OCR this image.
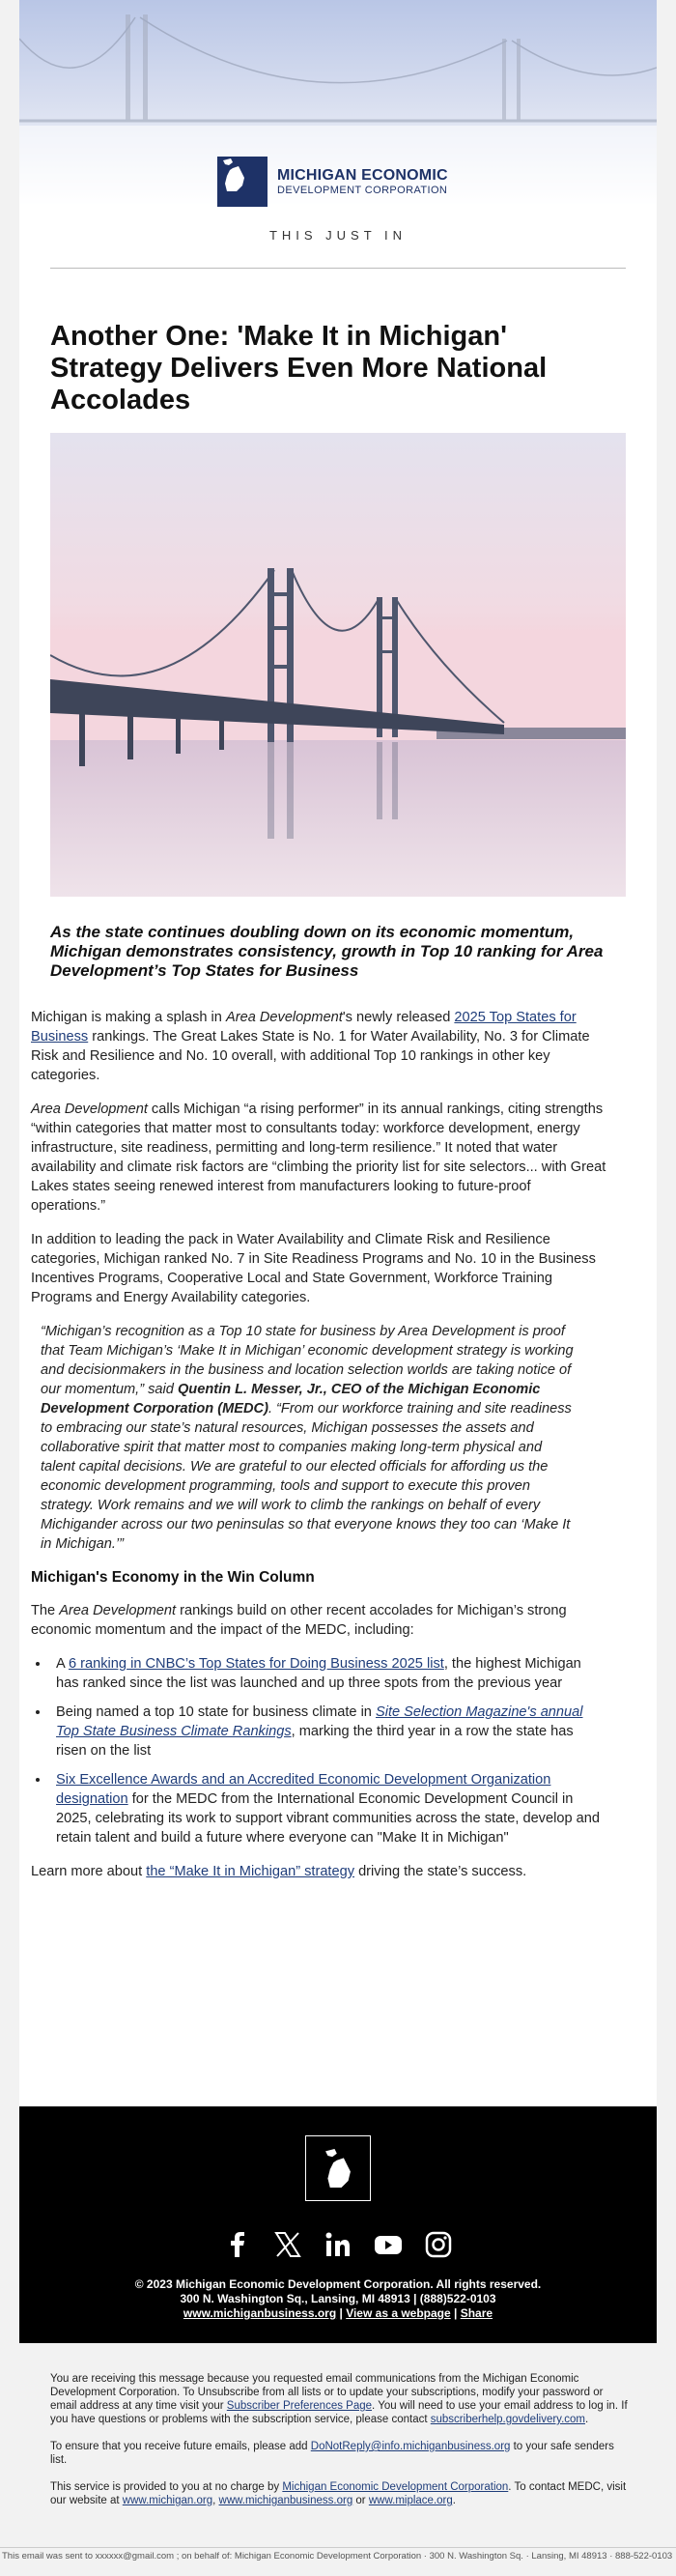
MICHIGAN ECONOMIC
DEVELOPMENT CORPORATION
THIS JUST IN
Another One: 'Make It in Michigan' Strategy Delivers Even More National Accolades
As the state continues doubling down on its economic momentum, Michigan demonstrates consistency, growth in Top 10 ranking for Area Development’s Top States for Business

Michigan is making a splash in Area Development's newly released 2025 Top States for Business rankings. The Great Lakes State is No. 1 for Water Availability, No. 3 for Climate Risk and Resilience and No. 10 overall, with additional Top 10 rankings in other key categories.

Area Development calls Michigan “a rising performer” in its annual rankings, citing strengths “within categories that matter most to consultants today: workforce development, energy infrastructure, site readiness, permitting and long-term resilience.” It noted that water availability and climate risk factors are “climbing the priority list for site selectors... with Great Lakes states seeing renewed interest from manufacturers looking to future-proof operations.”

In addition to leading the pack in Water Availability and Climate Risk and Resilience categories, Michigan ranked No. 7 in Site Readiness Programs and No. 10 in the Business Incentives Programs, Cooperative Local and State Government, Workforce Training Programs and Energy Availability categories.

“Michigan’s recognition as a Top 10 state for business by Area Development is proof that Team Michigan’s ‘Make It in Michigan’ economic development strategy is working and decisionmakers in the business and location selection worlds are taking notice of our momentum,” said Quentin L. Messer, Jr., CEO of the Michigan Economic Development Corporation (MEDC). “From our workforce training and site readiness to embracing our state’s natural resources, Michigan possesses the assets and collaborative spirit that matter most to companies making long-term physical and talent capital decisions. We are grateful to our elected officials for affording us the economic development programming, tools and support to execute this proven strategy. Work remains and we will work to climb the rankings on behalf of every Michigander across our two peninsulas so that everyone knows they too can ‘Make It in Michigan.’”

Michigan's Economy in the Win Column

The Area Development rankings build on other recent accolades for Michigan’s strong economic momentum and the impact of the MEDC, including:

• A 6 ranking in CNBC’s Top States for Doing Business 2025 list, the highest Michigan has ranked since the list was launched and up three spots from the previous year
• Being named a top 10 state for business climate in Site Selection Magazine's annual Top State Business Climate Rankings, marking the third year in a row the state has risen on the list
• Six Excellence Awards and an Accredited Economic Development Organization designation for the MEDC from the International Economic Development Council in 2025, celebrating its work to support vibrant communities across the state, develop and retain talent and build a future where everyone can "Make It in Michigan"

Learn more about the “Make It in Michigan” strategy driving the state’s success.

© 2023 Michigan Economic Development Corporation. All rights reserved.
300 N. Washington Sq., Lansing, MI 48913 | (888)522-0103
www.michiganbusiness.org | View as a webpage | Share

You are receiving this message because you requested email communications from the Michigan Economic Development Corporation. To Unsubscribe from all lists or to update your subscriptions, modify your password or email address at any time visit your Subscriber Preferences Page. You will need to use your email address to log in. If you have questions or problems with the subscription service, please contact subscriberhelp.govdelivery.com.

To ensure that you receive future emails, please add DoNotReply@info.michiganbusiness.org to your safe senders list.

This service is provided to you at no charge by Michigan Economic Development Corporation. To contact MEDC, visit our website at www.michigan.org, www.michiganbusiness.org or www.miplace.org.

This email was sent to xxxxxx@gmail.com ; on behalf of: Michigan Economic Development Corporation · 300 N. Washington Sq. · Lansing, MI 48913 · 888-522-0103
